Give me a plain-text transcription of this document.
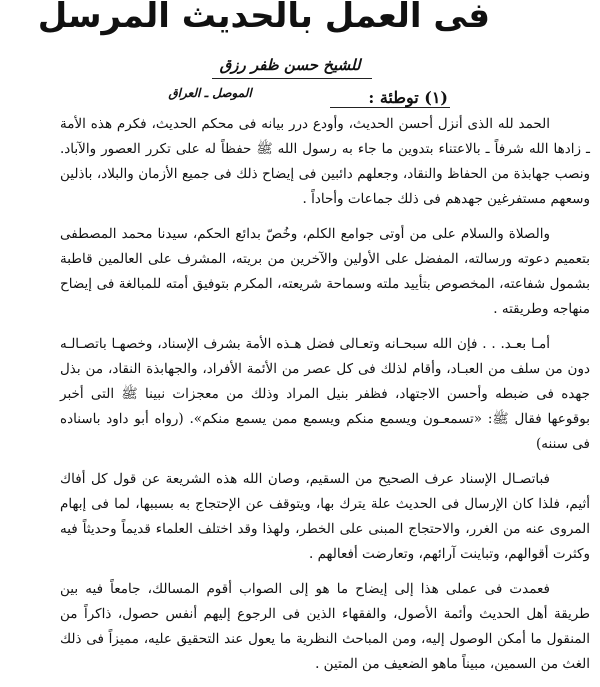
فى العمل بالحديث المرسل
للشيخ حسن ظفر رزق
الموصل ـ العراق	(١) توطئة :

الحمد لله الذى أنزل أحسن الحديث، وأودع درر بيانه فى محكم الحديث، فكرم هذه الأمة ـ زادها الله شرفاً ـ بالاعتناء بتدوين ما جاء به رسول الله ﷺ حفظاً له على تكرر العصور والآباد. ونصب جهابذة من الحفاظ والنقاد، وجعلهم دائبين فى إيضاح ذلك فى جميع الأزمان والبلاد، باذلين وسعهم مستفرغين جهدهم فى ذلك جماعات وأحاداً .

والصلاة والسلام على من أوتى جوامع الكلم، وخُصّ بدائع الحكم، سيدنا محمد المصطفى بتعميم دعوته ورسالته، المفضل على الأولين والآخرين من بريته، المشرف على العالمين قاطبة بشمول شفاعته، المخصوص بتأييد ملته وسماحة شريعته، المكرم بتوفيق أمته للمبالغة فى إيضاح منهاجه وطريقته .

أمـا بعـد. . . فإن الله سبحـانه وتعـالى فضل هـذه الأمة بشرف الإسناد، وخصهـا باتصـالـه دون من سلف من العبـاد، وأقام لذلك فى كل عصر من الأئمة الأفراد، والجهابذة النقاد، من بذل جهده فى ضبطه وأحسن الاجتهاد، فظفر بنيل المراد وذلك من معجزات نبينا ﷺ التى أخبر بوقوعها فقال ﷺ: «تسمعـون ويسمع منكم ويسمع ممن يسمع منكم». (رواه أبو داود باسناده فى سننه)

فباتصـال الإسناد عرف الصحيح من السقيم، وصان الله هذه الشريعة عن قول كل أفاك أثيم، فلذا كان الإرسال فى الحديث علة يترك بها، ويتوقف عن الإحتجاج به بسببها، لما فى إبهام المروى عنه من الغرر، والاحتجاج المبنى على الخطر، ولهذا وقد اختلف العلماء قديماً وحديثاً فيه وكثرت أقوالهم، وتباينت آرائهم، وتعارضت أفعالهم .

فعمدت فى عملى هذا إلى إيضاح ما هو إلى الصواب أقوم المسالك، جامعاً فيه بين طريقة أهل الحديث وأئمة الأصول، والفقهاء الذين فى الرجوع إليهم أنفس حصول، ذاكراً من المنقول ما أمكن الوصول إليه، ومن المباحث النظرية ما يعول عند التحقيق عليه، مميزاً فى ذلك الغث من السمين، مبيناً ماهو الضعيف من المتين .
